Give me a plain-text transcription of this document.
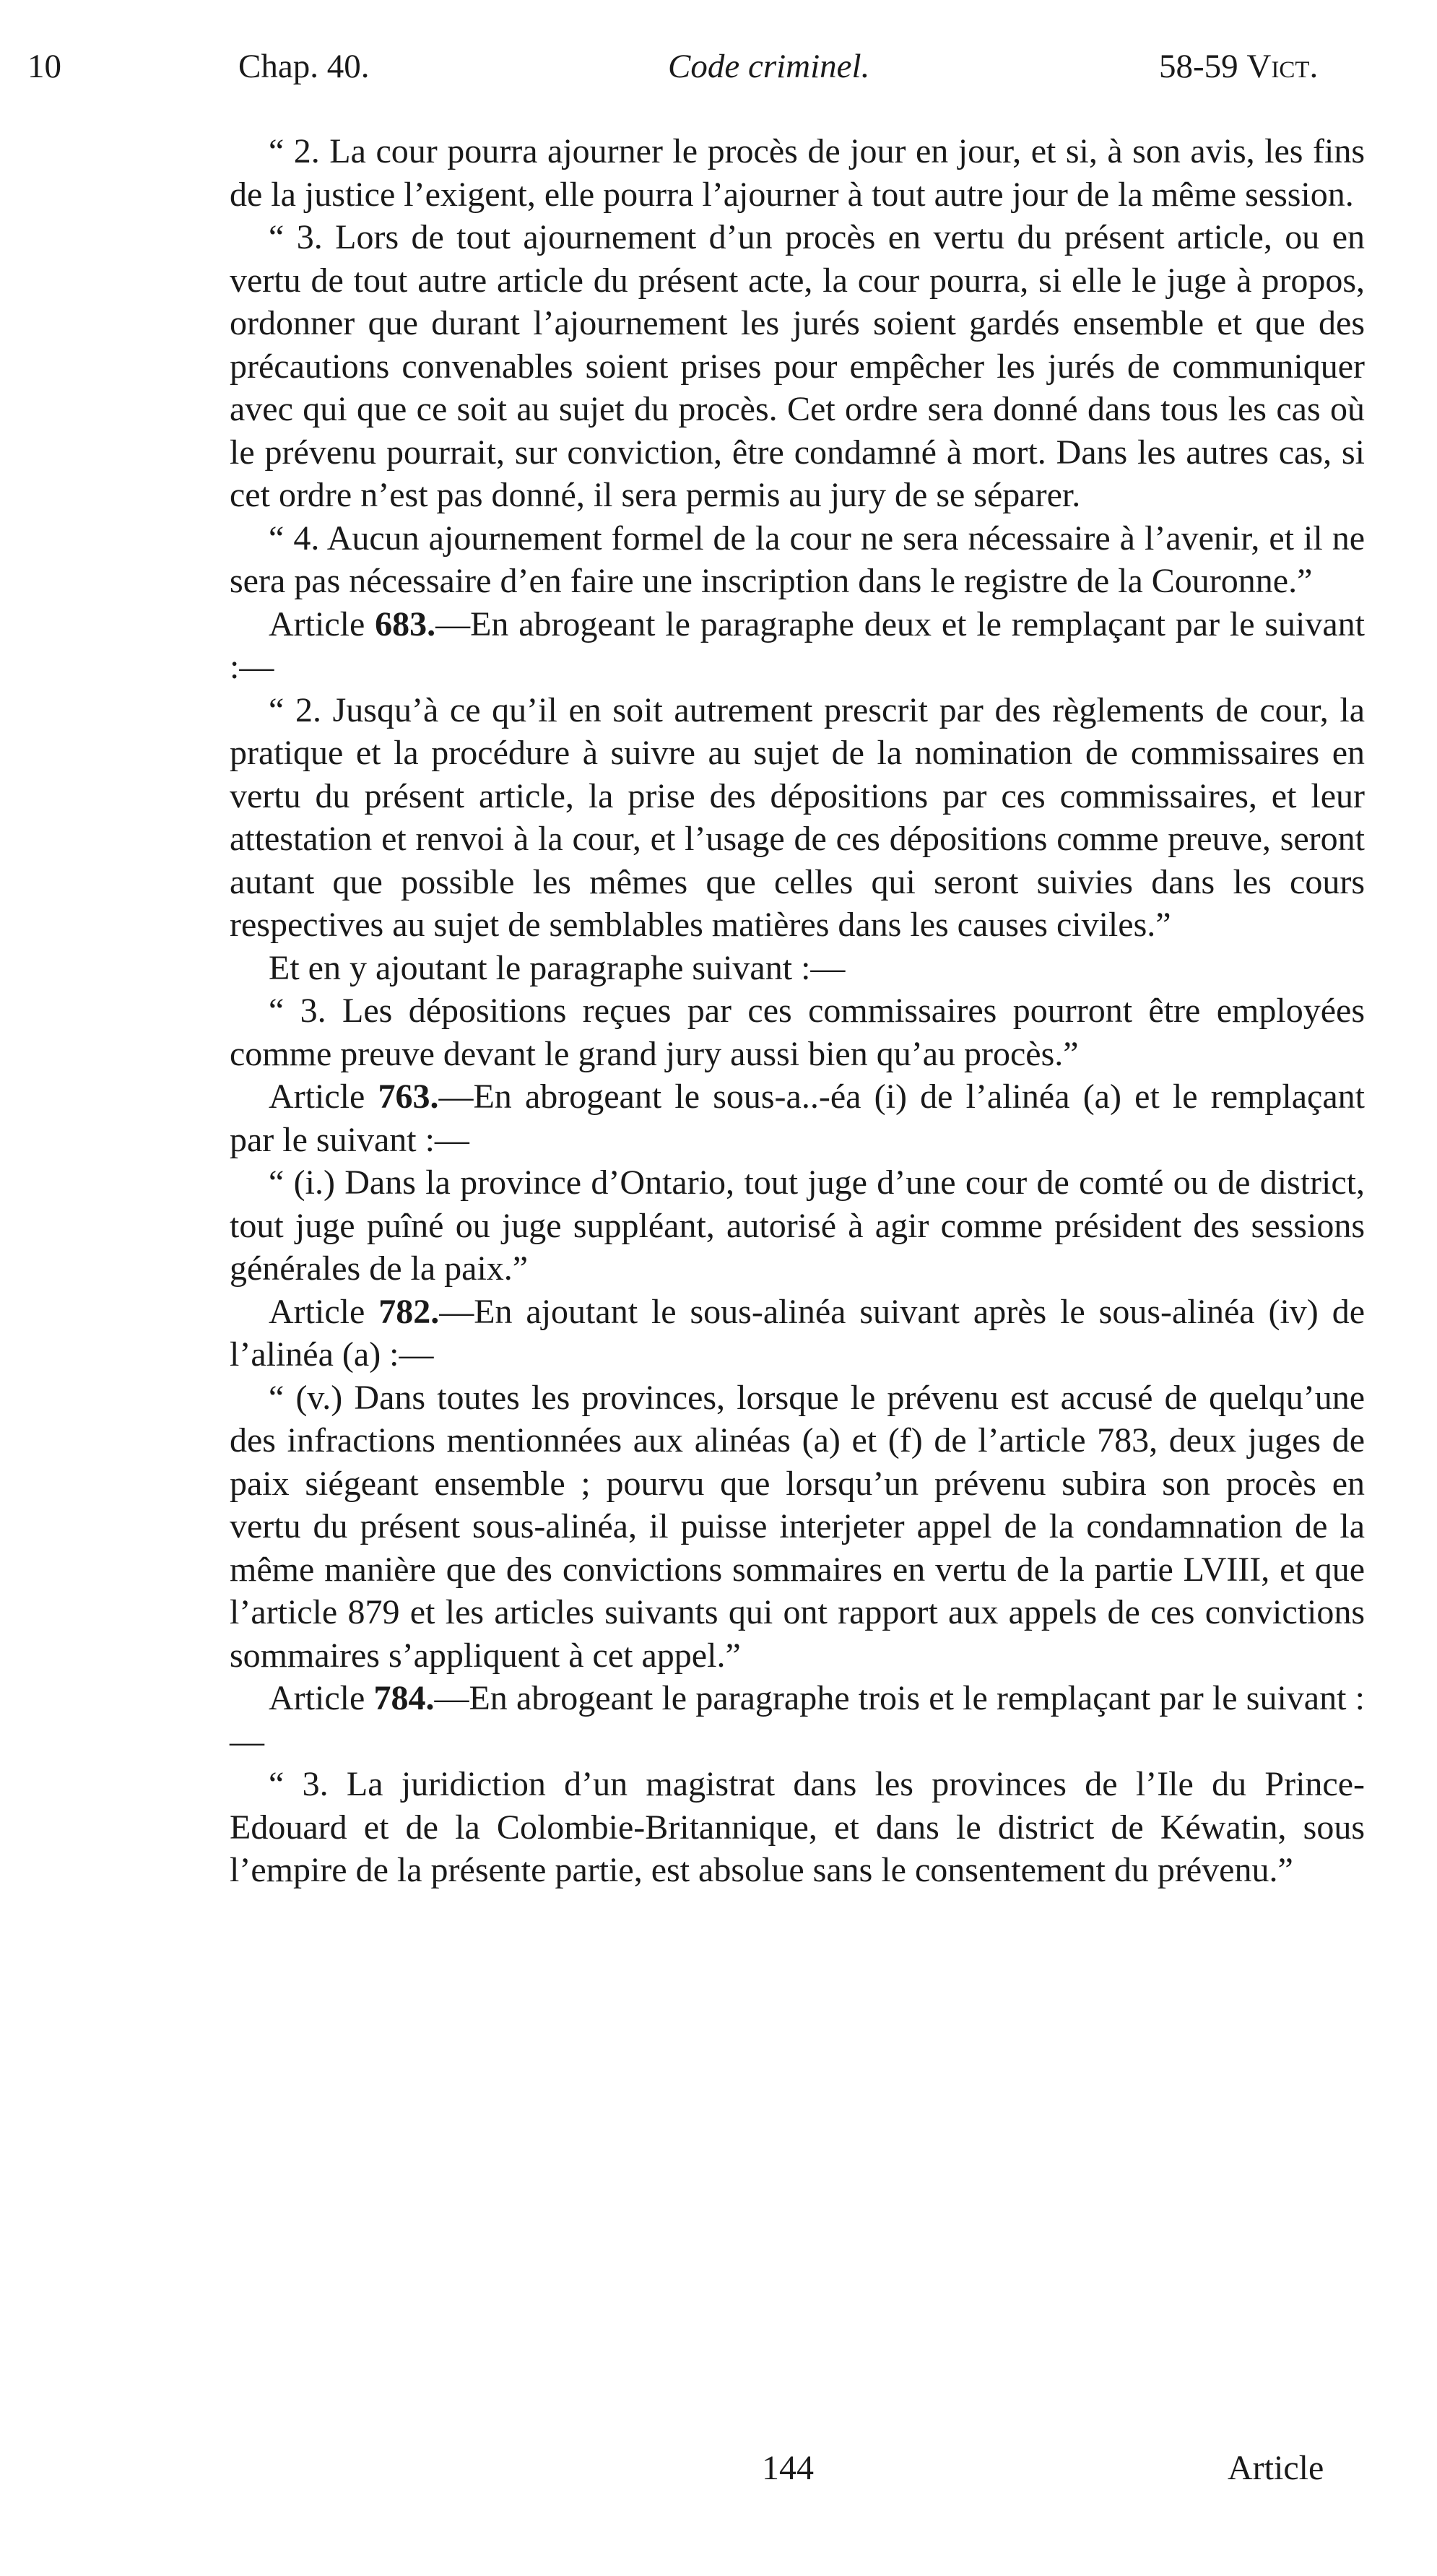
10	Chap. 40.	Code criminel.	58-59 Vict.

“ 2. La cour pourra ajourner le procès de jour en jour, et si, à son avis, les fins de la justice l’exigent, elle pourra l’ajourner à tout autre jour de la même session.

“ 3. Lors de tout ajournement d’un procès en vertu du présent article, ou en vertu de tout autre article du présent acte, la cour pourra, si elle le juge à propos, ordonner que durant l’ajournement les jurés soient gardés ensemble et que des précautions convenables soient prises pour empêcher les jurés de communiquer avec qui que ce soit au sujet du procès. Cet ordre sera donné dans tous les cas où le prévenu pourrait, sur conviction, être condamné à mort. Dans les autres cas, si cet ordre n’est pas donné, il sera permis au jury de se séparer.

“ 4. Aucun ajournement formel de la cour ne sera nécessaire à l’avenir, et il ne sera pas nécessaire d’en faire une inscription dans le registre de la Couronne.”

Article 683.—En abrogeant le paragraphe deux et le remplaçant par le suivant :—

“ 2. Jusqu’à ce qu’il en soit autrement prescrit par des règlements de cour, la pratique et la procédure à suivre au sujet de la nomination de commissaires en vertu du présent article, la prise des dépositions par ces commissaires, et leur attestation et renvoi à la cour, et l’usage de ces dépositions comme preuve, seront autant que possible les mêmes que celles qui seront suivies dans les cours respectives au sujet de semblables matières dans les causes civiles.”

Et en y ajoutant le paragraphe suivant :—

“ 3. Les dépositions reçues par ces commissaires pourront être employées comme preuve devant le grand jury aussi bien qu’au procès.”

Article 763.—En abrogeant le sous-a..-éa (i) de l’alinéa (a) et le remplaçant par le suivant :—

“ (i.) Dans la province d’Ontario, tout juge d’une cour de comté ou de district, tout juge puîné ou juge suppléant, autorisé à agir comme président des sessions générales de la paix.”

Article 782.—En ajoutant le sous-alinéa suivant après le sous-alinéa (iv) de l’alinéa (a) :—

“ (v.) Dans toutes les provinces, lorsque le prévenu est accusé de quelqu’une des infractions mentionnées aux alinéas (a) et (f) de l’article 783, deux juges de paix siégeant ensemble ; pourvu que lorsqu’un prévenu subira son procès en vertu du présent sous-alinéa, il puisse interjeter appel de la condamnation de la même manière que des convictions sommaires en vertu de la partie LVIII, et que l’article 879 et les articles suivants qui ont rapport aux appels de ces convictions sommaires s’appliquent à cet appel.”

Article 784.—En abrogeant le paragraphe trois et le remplaçant par le suivant :—

“ 3. La juridiction d’un magistrat dans les provinces de l’Ile du Prince-Edouard et de la Colombie-Britannique, et dans le district de Kéwatin, sous l’empire de la présente partie, est absolue sans le consentement du prévenu.”

144	Article
